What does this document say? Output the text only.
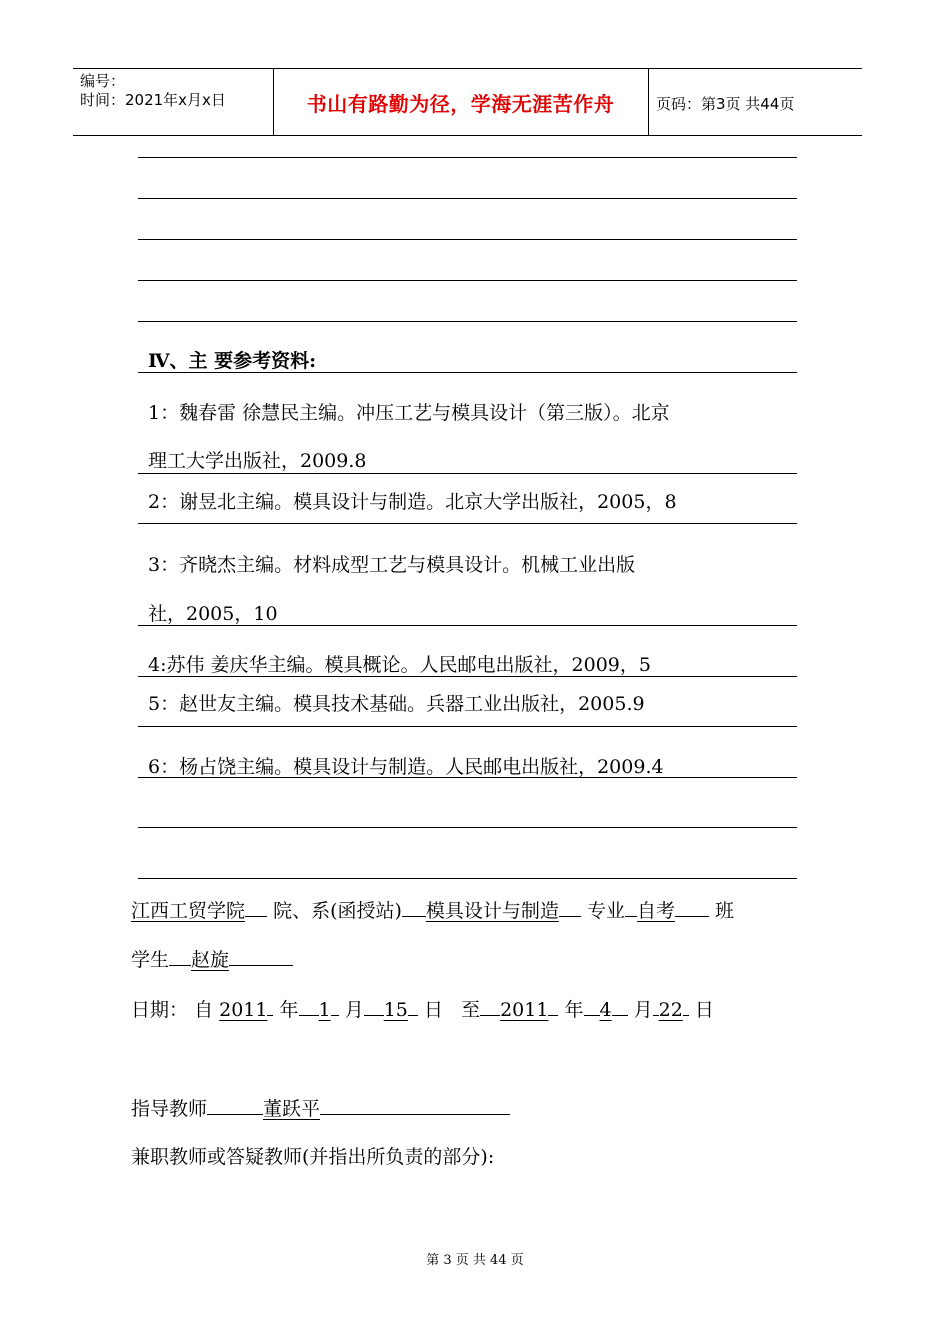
编号：
时间：2021年x月x日	书山有路勤为径，学海无涯苦作舟	页码：第3页 共44页
Ⅳ、主 要参考资料:
1：魏春雷 徐慧民主编。冲压工艺与模具设计（第三版）。北京
理工大学出版社，2009.8
2：谢昱北主编。模具设计与制造。北京大学出版社，2005，8
3：齐晓杰主编。材料成型工艺与模具设计。机械工业出版
社，2005，10
4:苏伟 姜庆华主编。模具概论。人民邮电出版社，2009，5
5：赵世友主编。模具技术基础。兵器工业出版社，2005.9
6：杨占饶主编。模具设计与制造。人民邮电出版社，2009.4
江西工贸学院 院、系(函授站) 模具设计与制造 专业 自考 班
学生 赵旋
日期： 自 2011 年 1 月 15 日 至 2011 年 4 月 22 日
指导教师	董跃平
兼职教师或答疑教师(并指出所负责的部分):
第 3 页 共 44 页
